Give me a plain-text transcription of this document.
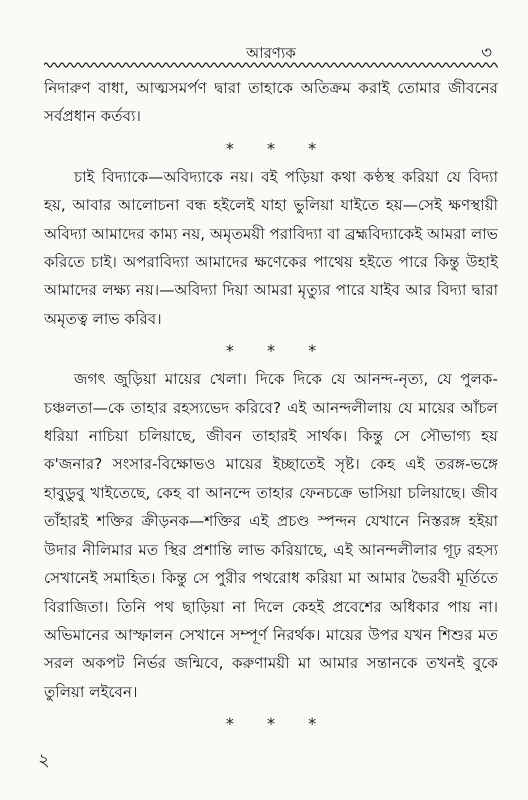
আরণ্যক	৩

নিদারুণ বাধা, আত্মসমর্পণ দ্বারা তাহাকে অতিক্রম করাই তোমার জীবনের সর্বপ্রধান কর্তব্য।

* * *

চাই বিদ্যাকে—অবিদ্যাকে নয়। বই পড়িয়া কথা কণ্ঠস্থ করিয়া যে বিদ্যা হয়, আবার আলোচনা বন্ধ হইলেই যাহা ভুলিয়া যাইতে হয়—সেই ক্ষণস্থায়ী অবিদ্যা আমাদের কাম্য নয়, অমৃতময়ী পরাবিদ্যা বা ব্রহ্মবিদ্যাকেই আমরা লাভ করিতে চাই। অপরাবিদ্যা আমাদের ক্ষণেকের পাথেয় হইতে পারে কিন্তু উহাই আমাদের লক্ষ্য নয়।—অবিদ্যা দিয়া আমরা মৃত্যুর পারে যাইব আর বিদ্যা দ্বারা অমৃতত্ব লাভ করিব।

* * *

জগৎ জুড়িয়া মায়ের খেলা। দিকে দিকে যে আনন্দ-নৃত্য, যে পুলক-চঞ্চলতা—কে তাহার রহস্যভেদ করিবে? এই আনন্দলীলায় যে মায়ের আঁচল ধরিয়া নাচিয়া চলিয়াছে, জীবন তাহারই সার্থক। কিন্তু সে সৌভাগ্য হয় ক'জনার? সংসার-বিক্ষোভও মায়ের ইচ্ছাতেই সৃষ্ট। কেহ এই তরঙ্গ-ভঙ্গে হাবুডুবু খাইতেছে, কেহ বা আনন্দে তাহার ফেনচক্রে ভাসিয়া চলিয়াছে। জীব তাঁহারই শক্তির ক্রীড়নক—শক্তির এই প্রচণ্ড স্পন্দন যেখানে নিস্তরঙ্গ হইয়া উদার নীলিমার মত স্থির প্রশান্তি লাভ করিয়াছে, এই আনন্দলীলার গূঢ় রহস্য সেখানেই সমাহিত। কিন্তু সে পুরীর পথরোধ করিয়া মা আমার ভৈরবী মূর্তিতে বিরাজিতা। তিনি পথ ছাড়িয়া না দিলে কেহই প্রবেশের অধিকার পায় না। অভিমানের আস্ফালন সেখানে সম্পূর্ণ নিরর্থক। মায়ের উপর যখন শিশুর মত সরল অকপট নির্ভর জন্মিবে, করুণাময়ী মা আমার সন্তানকে তখনই বুকে তুলিয়া লইবেন।

* * *
২
